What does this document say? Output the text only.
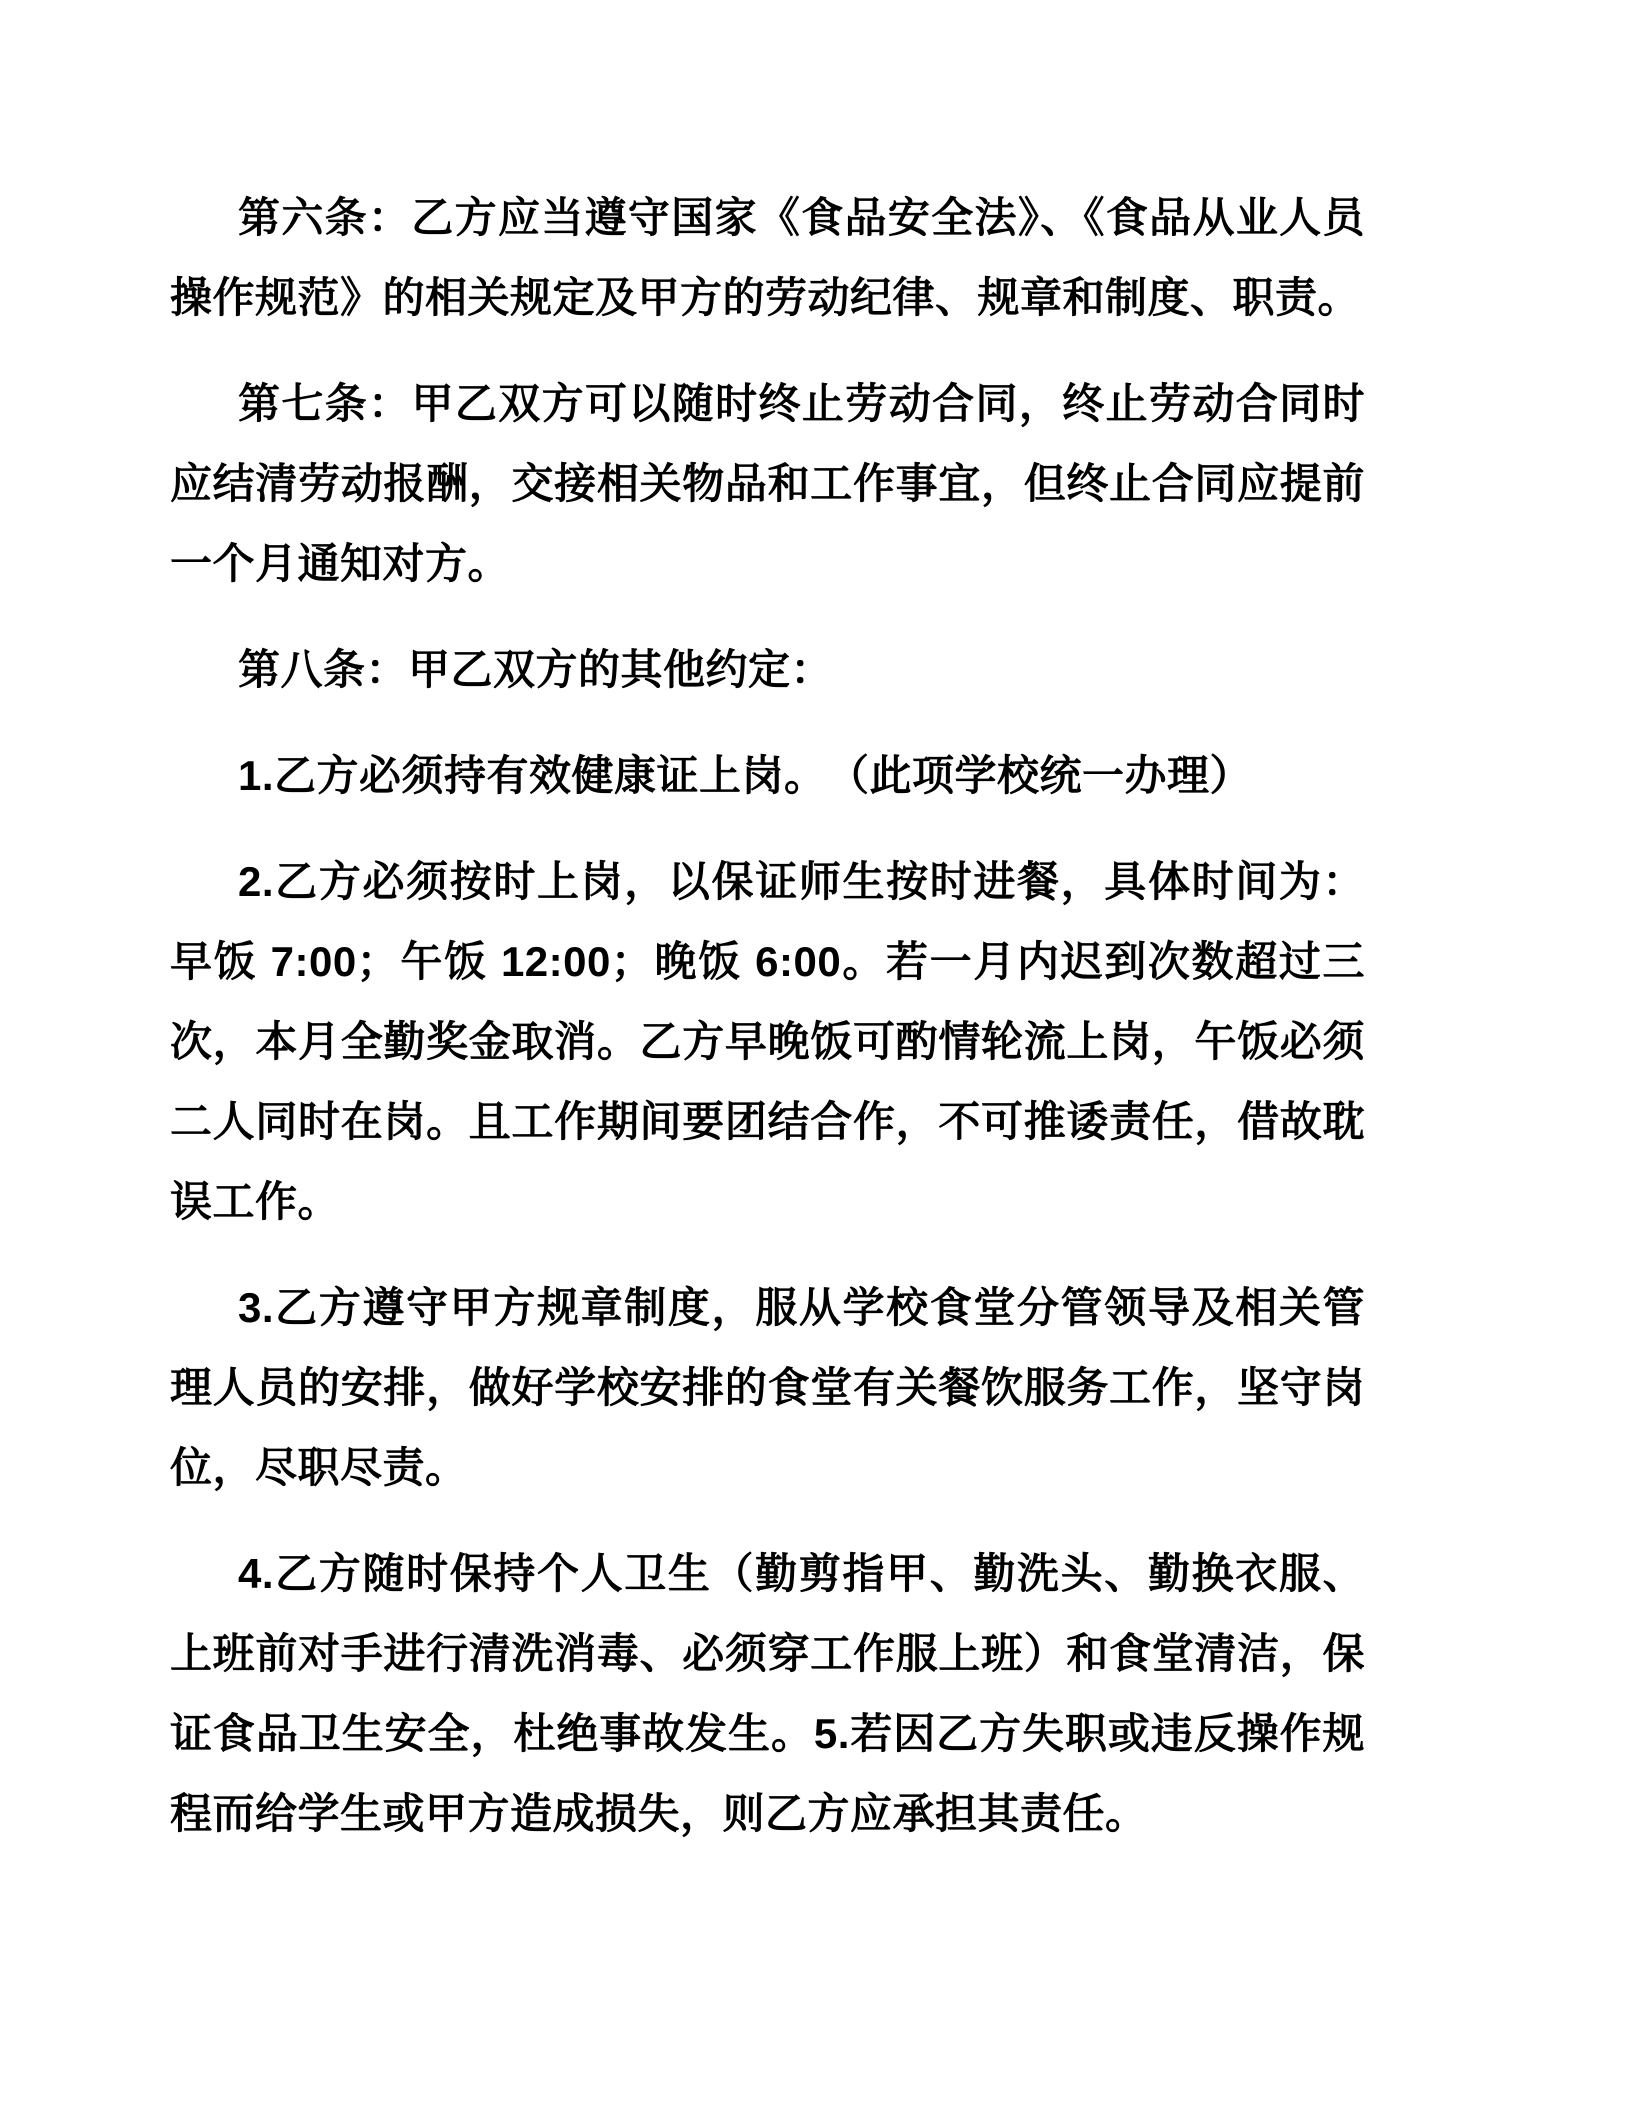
第六条：乙方应当遵守国家《食品安全法》、《食品从业人员操作规范》的相关规定及甲方的劳动纪律、规章和制度、职责。

第七条：甲乙双方可以随时终止劳动合同，终止劳动合同时应结清劳动报酬，交接相关物品和工作事宜，但终止合同应提前一个月通知对方。

第八条：甲乙双方的其他约定：

1.乙方必须持有效健康证上岗。　（此项学校统一办理）

2.乙方必须按时上岗，以保证师生按时进餐，具体时间为：早饭 7:00；午饭 12:00；晚饭 6:00。若一月内迟到次数超过三次，本月全勤奖金取消。乙方早晚饭可酌情轮流上岗，午饭必须二人同时在岗。且工作期间要团结合作，不可推诿责任，借故耽误工作。

3.乙方遵守甲方规章制度，服从学校食堂分管领导及相关管理人员的安排，做好学校安排的食堂有关餐饮服务工作，坚守岗位，尽职尽责。

4.乙方随时保持个人卫生（勤剪指甲、勤洗头、勤换衣服、上班前对手进行清洗消毒、必须穿工作服上班）和食堂清洁，保证食品卫生安全，杜绝事故发生。5.若因乙方失职或违反操作规程而给学生或甲方造成损失，则乙方应承担其责任。
